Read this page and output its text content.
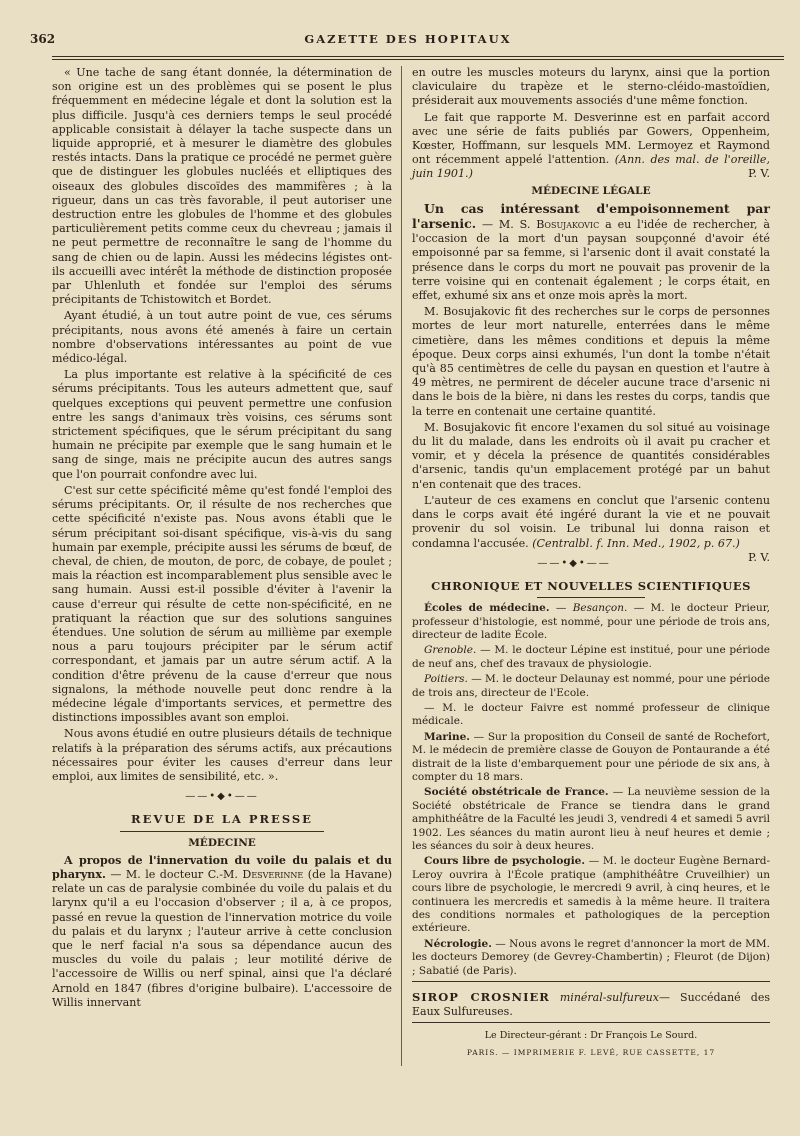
362	GAZETTE DES HOPITAUX

« Une tache de sang étant donnée, la détermination de son origine est un des problèmes qui se posent le plus fréquemment en médecine légale et dont la solution est la plus difficile. Jusqu'à ces derniers temps le seul procédé applicable consistait à délayer la tache suspecte dans un liquide approprié, et à mesurer le diamètre des globules restés intacts. Dans la pratique ce procédé ne permet guère que de distinguer les globules nucléés et elliptiques des oiseaux des globules discoïdes des mammifères ; à la rigueur, dans un cas très favorable, il peut autoriser une destruction entre les globules de l'homme et des globules particulièrement petits comme ceux du chevreau ; jamais il ne peut permettre de reconnaître le sang de l'homme du sang de chien ou de lapin. Aussi les médecins légistes ont-ils accueilli avec intérêt la méthode de distinction proposée par Uhlenluth et fondée sur l'emploi des sérums précipitants de Tchistowitch et Bordet.

Ayant étudié, à un tout autre point de vue, ces sérums précipitants, nous avons été amenés à faire un certain nombre d'observations intéressantes au point de vue médico-légal.

La plus importante est relative à la spécificité de ces sérums précipitants. Tous les auteurs admettent que, sauf quelques exceptions qui peuvent permettre une confusion entre les sangs d'animaux très voisins, ces sérums sont strictement spécifiques, que le sérum précipitant du sang humain ne précipite par exemple que le sang humain et le sang de singe, mais ne précipite aucun des autres sangs que l'on pourrait confondre avec lui.

C'est sur cette spécificité même qu'est fondé l'emploi des sérums précipitants. Or, il résulte de nos recherches que cette spécificité n'existe pas. Nous avons établi que le sérum précipitant soi-disant spécifique, vis-à-vis du sang humain par exemple, précipite aussi les sérums de bœuf, de cheval, de chien, de mouton, de porc, de cobaye, de poulet ; mais la réaction est incomparablement plus sensible avec le sang humain. Aussi est-il possible d'éviter à l'avenir la cause d'erreur qui résulte de cette non-spécificité, en ne pratiquant la réaction que sur des solutions sanguines étendues. Une solution de sérum au millième par exemple nous a paru toujours précipiter par le sérum actif correspondant, et jamais par un autre sérum actif. A la condition d'être prévenu de la cause d'erreur que nous signalons, la méthode nouvelle peut donc rendre à la médecine légale d'importants services, et permettre des distinctions impossibles avant son emploi.

Nous avons étudié en outre plusieurs détails de technique relatifs à la préparation des sérums actifs, aux précautions nécessaires pour éviter les causes d'erreur dans leur emploi, aux limites de sensibilité, etc. ».

——•◆•——
REVUE DE LA PRESSE
MÉDECINE

A propos de l'innervation du voile du palais et du pharynx. — M. le docteur C.-M. Desverinne (de la Havane) relate un cas de paralysie combinée du voile du palais et du larynx qu'il a eu l'occasion d'observer ; il a, à ce propos, passé en revue la question de l'innervation motrice du voile du palais et du larynx ; l'auteur arrive à cette conclusion que le nerf facial n'a sous sa dépendance aucun des muscles du voile du palais ; leur motilité dérive de l'accessoire de Willis ou nerf spinal, ainsi que l'a déclaré Arnold en 1847 (fibres d'origine bulbaire). L'accessoire de Willis innervant

en outre les muscles moteurs du larynx, ainsi que la portion claviculaire du trapèze et le sterno-cléido-mastoïdien, présiderait aux mouvements associés d'une même fonction.

Le fait que rapporte M. Desverinne est en parfait accord avec une série de faits publiés par Gowers, Oppenheim, Kœster, Hoffmann, sur lesquels MM. Lermoyez et Raymond ont récemment appelé l'attention. (Ann. des mal. de l'oreille, juin 1901.)	P. V.

MÉDECINE LÉGALE

Un cas intéressant d'empoisonnement par l'arsenic. — M. S. Bosujakovic a eu l'idée de rechercher, à l'occasion de la mort d'un paysan soupçonné d'avoir été empoisonné par sa femme, si l'arsenic dont il avait constaté la présence dans le corps du mort ne pouvait pas provenir de la terre voisine qui en contenait également ; le corps était, en effet, exhumé six ans et onze mois après la mort.

M. Bosujakovic fit des recherches sur le corps de personnes mortes de leur mort naturelle, enterrées dans le même cimetière, dans les mêmes conditions et depuis la même époque. Deux corps ainsi exhumés, l'un dont la tombe n'était qu'à 85 centimètres de celle du paysan en question et l'autre à 49 mètres, ne permirent de déceler aucune trace d'arsenic ni dans le bois de la bière, ni dans les restes du corps, tandis que la terre en contenait une certaine quantité.

M. Bosujakovic fit encore l'examen du sol situé au voisinage du lit du malade, dans les endroits où il avait pu cracher et vomir, et y décela la présence de quantités considérables d'arsenic, tandis qu'un emplacement protégé par un bahut n'en contenait que des traces.

L'auteur de ces examens en conclut que l'arsenic contenu dans le corps avait été ingéré durant la vie et ne pouvait provenir du sol voisin. Le tribunal lui donna raison et condamna l'accusée. (Centralbl. f. Inn. Med., 1902, p. 67.)
P. V.

——•◆•——
CHRONIQUE ET NOUVELLES SCIENTIFIQUES

Écoles de médecine. — Besançon. — M. le docteur Prieur, professeur d'histologie, est nommé, pour une période de trois ans, directeur de ladite École.

Grenoble. — M. le docteur Lépine est institué, pour une période de neuf ans, chef des travaux de physiologie.

Poitiers. — M. le docteur Delaunay est nommé, pour une période de trois ans, directeur de l'Ecole.

— M. le docteur Faivre est nommé professeur de clinique médicale.

Marine. — Sur la proposition du Conseil de santé de Rochefort, M. le médecin de première classe de Gouyon de Pontaurande a été distrait de la liste d'embarquement pour une période de six ans, à compter du 18 mars.

Société obstétricale de France. — La neuvième session de la Société obstétricale de France se tiendra dans le grand amphithéâtre de la Faculté les jeudi 3, vendredi 4 et samedi 5 avril 1902. Les séances du matin auront lieu à neuf heures et demie ; les séances du soir à deux heures.

Cours libre de psychologie. — M. le docteur Eugène Bernard-Leroy ouvrira à l'École pratique (amphithéâtre Cruveilhier) un cours libre de psychologie, le mercredi 9 avril, à cinq heures, et le continuera les mercredis et samedis à la même heure. Il traitera des conditions normales et pathologiques de la perception extérieure.

Nécrologie. — Nous avons le regret d'annoncer la mort de MM. les docteurs Demorey (de Gevrey-Chambertin) ; Fleurot (de Dijon) ; Sabatié (de Paris).

SIROP CROSNIER minéral-sulfureux— Succédané des Eaux Sulfureuses.

Le Directeur-gérant : Dr François Le Sourd.

PARIS. — IMPRIMERIE F. LEVÉ, RUE CASSETTE, 17
